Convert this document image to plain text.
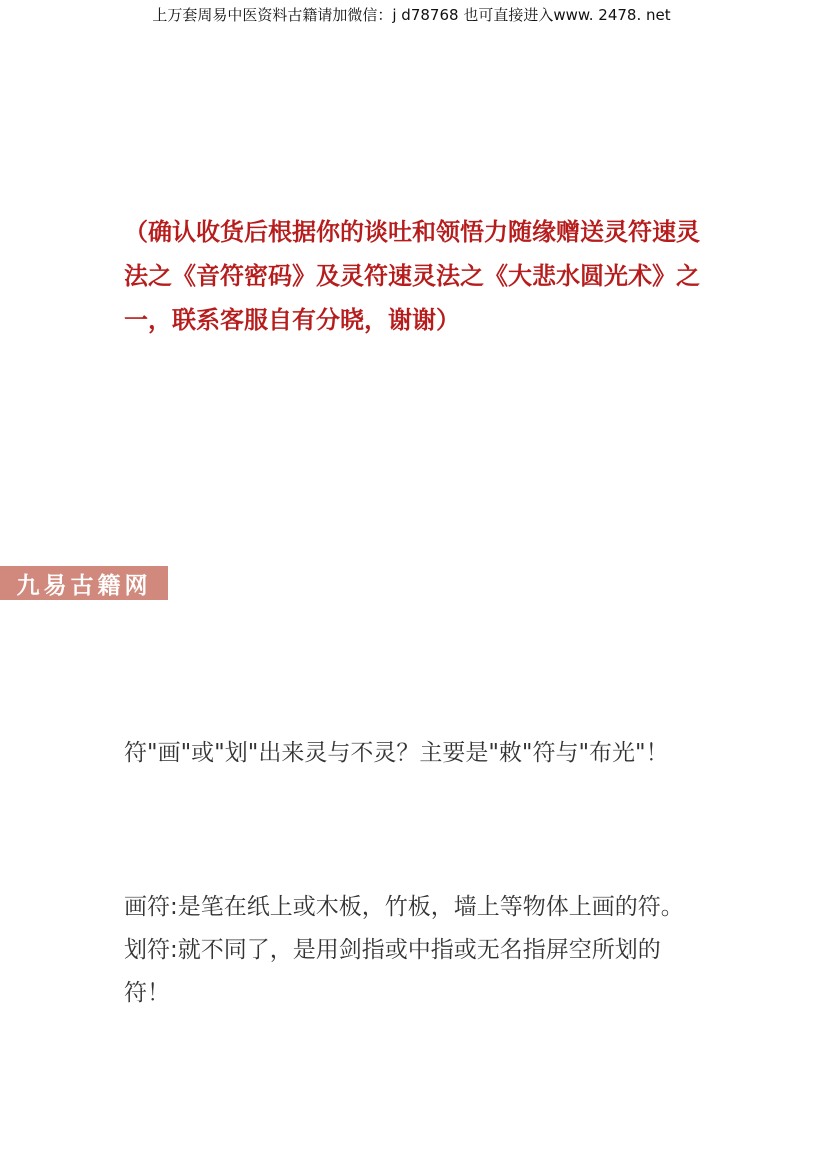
上万套周易中医资料古籍请加微信：j d78768 也可直接进入www. 2478. net
（确认收货后根据你的谈吐和领悟力随缘赠送灵符速灵法之《音符密码》及灵符速灵法之《大悲水圆光术》之一，联系客服自有分晓，谢谢）
九易古籍网
符"画"或"划"出来灵与不灵？主要是"敕"符与"布光"！
画符:是笔在纸上或木板，竹板，墙上等物体上画的符。划符:就不同了，是用剑指或中指或无名指屏空所划的符！
